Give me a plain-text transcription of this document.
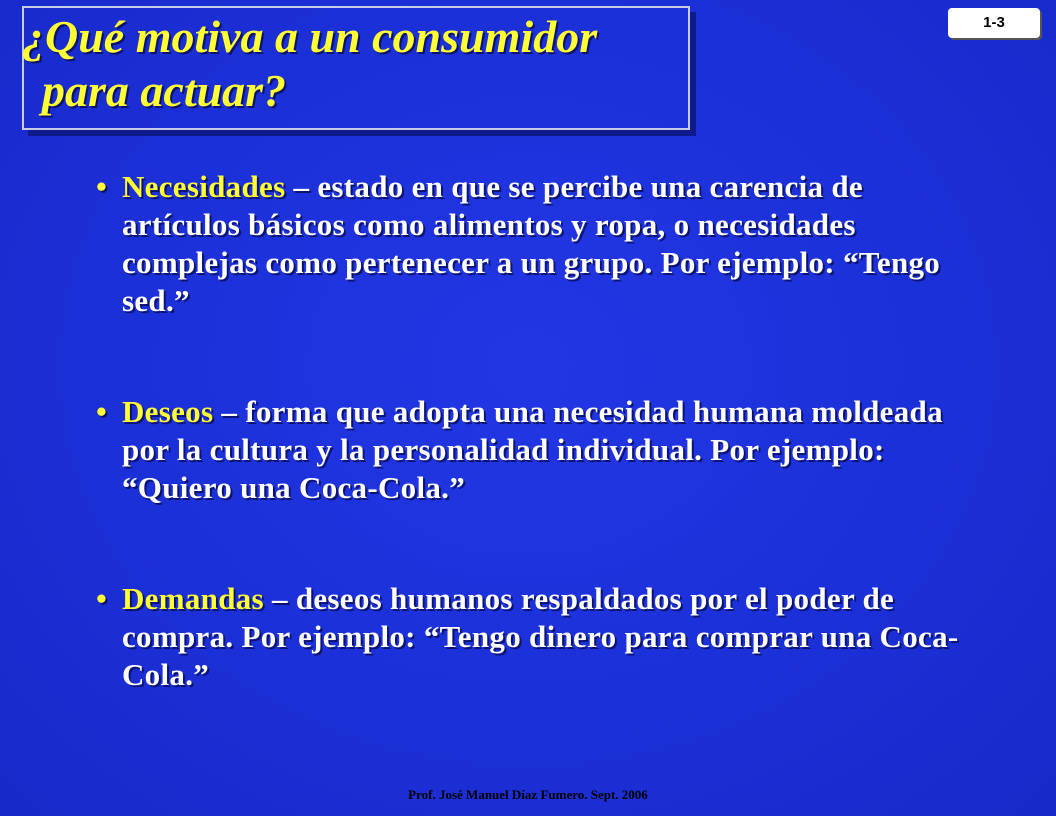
¿Qué motiva a un consumidor
para actuar?
1-3
• Necesidades – estado en que se percibe una carencia de artículos básicos como alimentos y ropa, o necesidades complejas como pertenecer a un grupo. Por ejemplo: “Tengo sed.”
• Deseos – forma que adopta una necesidad humana moldeada por la cultura y la personalidad individual. Por ejemplo: “Quiero una Coca-Cola.”
• Demandas – deseos humanos respaldados por el poder de compra. Por ejemplo: “Tengo dinero para comprar una Coca-Cola.”
Prof. José Manuel Díaz Fumero. Sept. 2006
